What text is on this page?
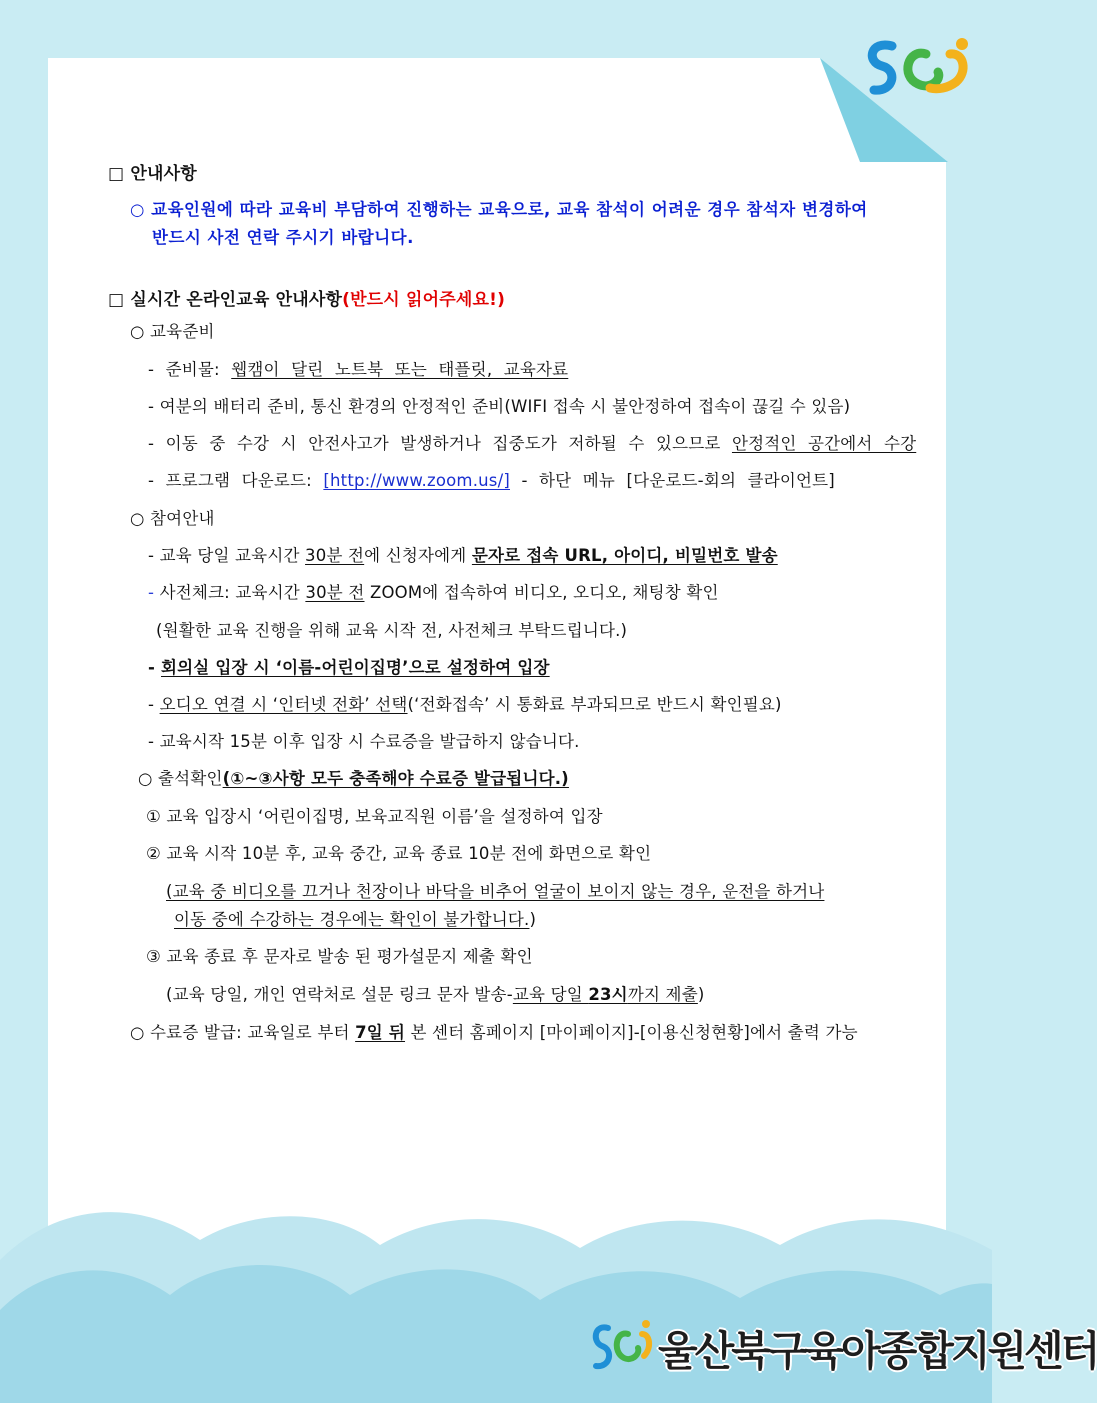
울산북구육아종합지원센터
□ 안내사항
○ 교육인원에 따라 교육비 부담하여 진행하는 교육으로, 교육 참석이 어려운 경우 참석자 변경하여
반드시 사전 연락 주시기 바랍니다.
□ 실시간 온라인교육 안내사항(반드시 읽어주세요!)
○ 교육준비
- 준비물: 웹캠이 달린 노트북 또는 태플릿, 교육자료
- 여분의 배터리 준비, 통신 환경의 안정적인 준비(WIFI 접속 시 불안정하여 접속이 끊길 수 있음)
- 이동 중 수강 시 안전사고가 발생하거나 집중도가 저하될 수 있으므로 안정적인 공간에서 수강
- 프로그램 다운로드: [http://www.zoom.us/] - 하단 메뉴 [다운로드-회의 클라이언트]
○ 참여안내
- 교육 당일 교육시간 30분 전에 신청자에게 문자로 접속 URL, 아이디, 비밀번호 발송
- 사전체크: 교육시간 30분 전 ZOOM에 접속하여 비디오, 오디오, 채팅창 확인
(원활한 교육 진행을 위해 교육 시작 전, 사전체크 부탁드립니다.)
- 회의실 입장 시 ‘이름-어린이집명’으로 설정하여 입장
- 오디오 연결 시 ‘인터넷 전화’ 선택(‘전화접속’ 시 통화료 부과되므로 반드시 확인필요)
- 교육시작 15분 이후 입장 시 수료증을 발급하지 않습니다.
○ 출석확인(①~③사항 모두 충족해야 수료증 발급됩니다.)
① 교육 입장시 ‘어린이집명, 보육교직원 이름’을 설정하여 입장
② 교육 시작 10분 후, 교육 중간, 교육 종료 10분 전에 화면으로 확인
(교육 중 비디오를 끄거나 천장이나 바닥을 비추어 얼굴이 보이지 않는 경우, 운전을 하거나
이동 중에 수강하는 경우에는 확인이 불가합니다.)
③ 교육 종료 후 문자로 발송 된 평가설문지 제출 확인
(교육 당일, 개인 연락처로 설문 링크 문자 발송-교육 당일 23시까지 제출)
○ 수료증 발급: 교육일로 부터 7일 뒤 본 센터 홈페이지 [마이페이지]-[이용신청현황]에서 출력 가능
